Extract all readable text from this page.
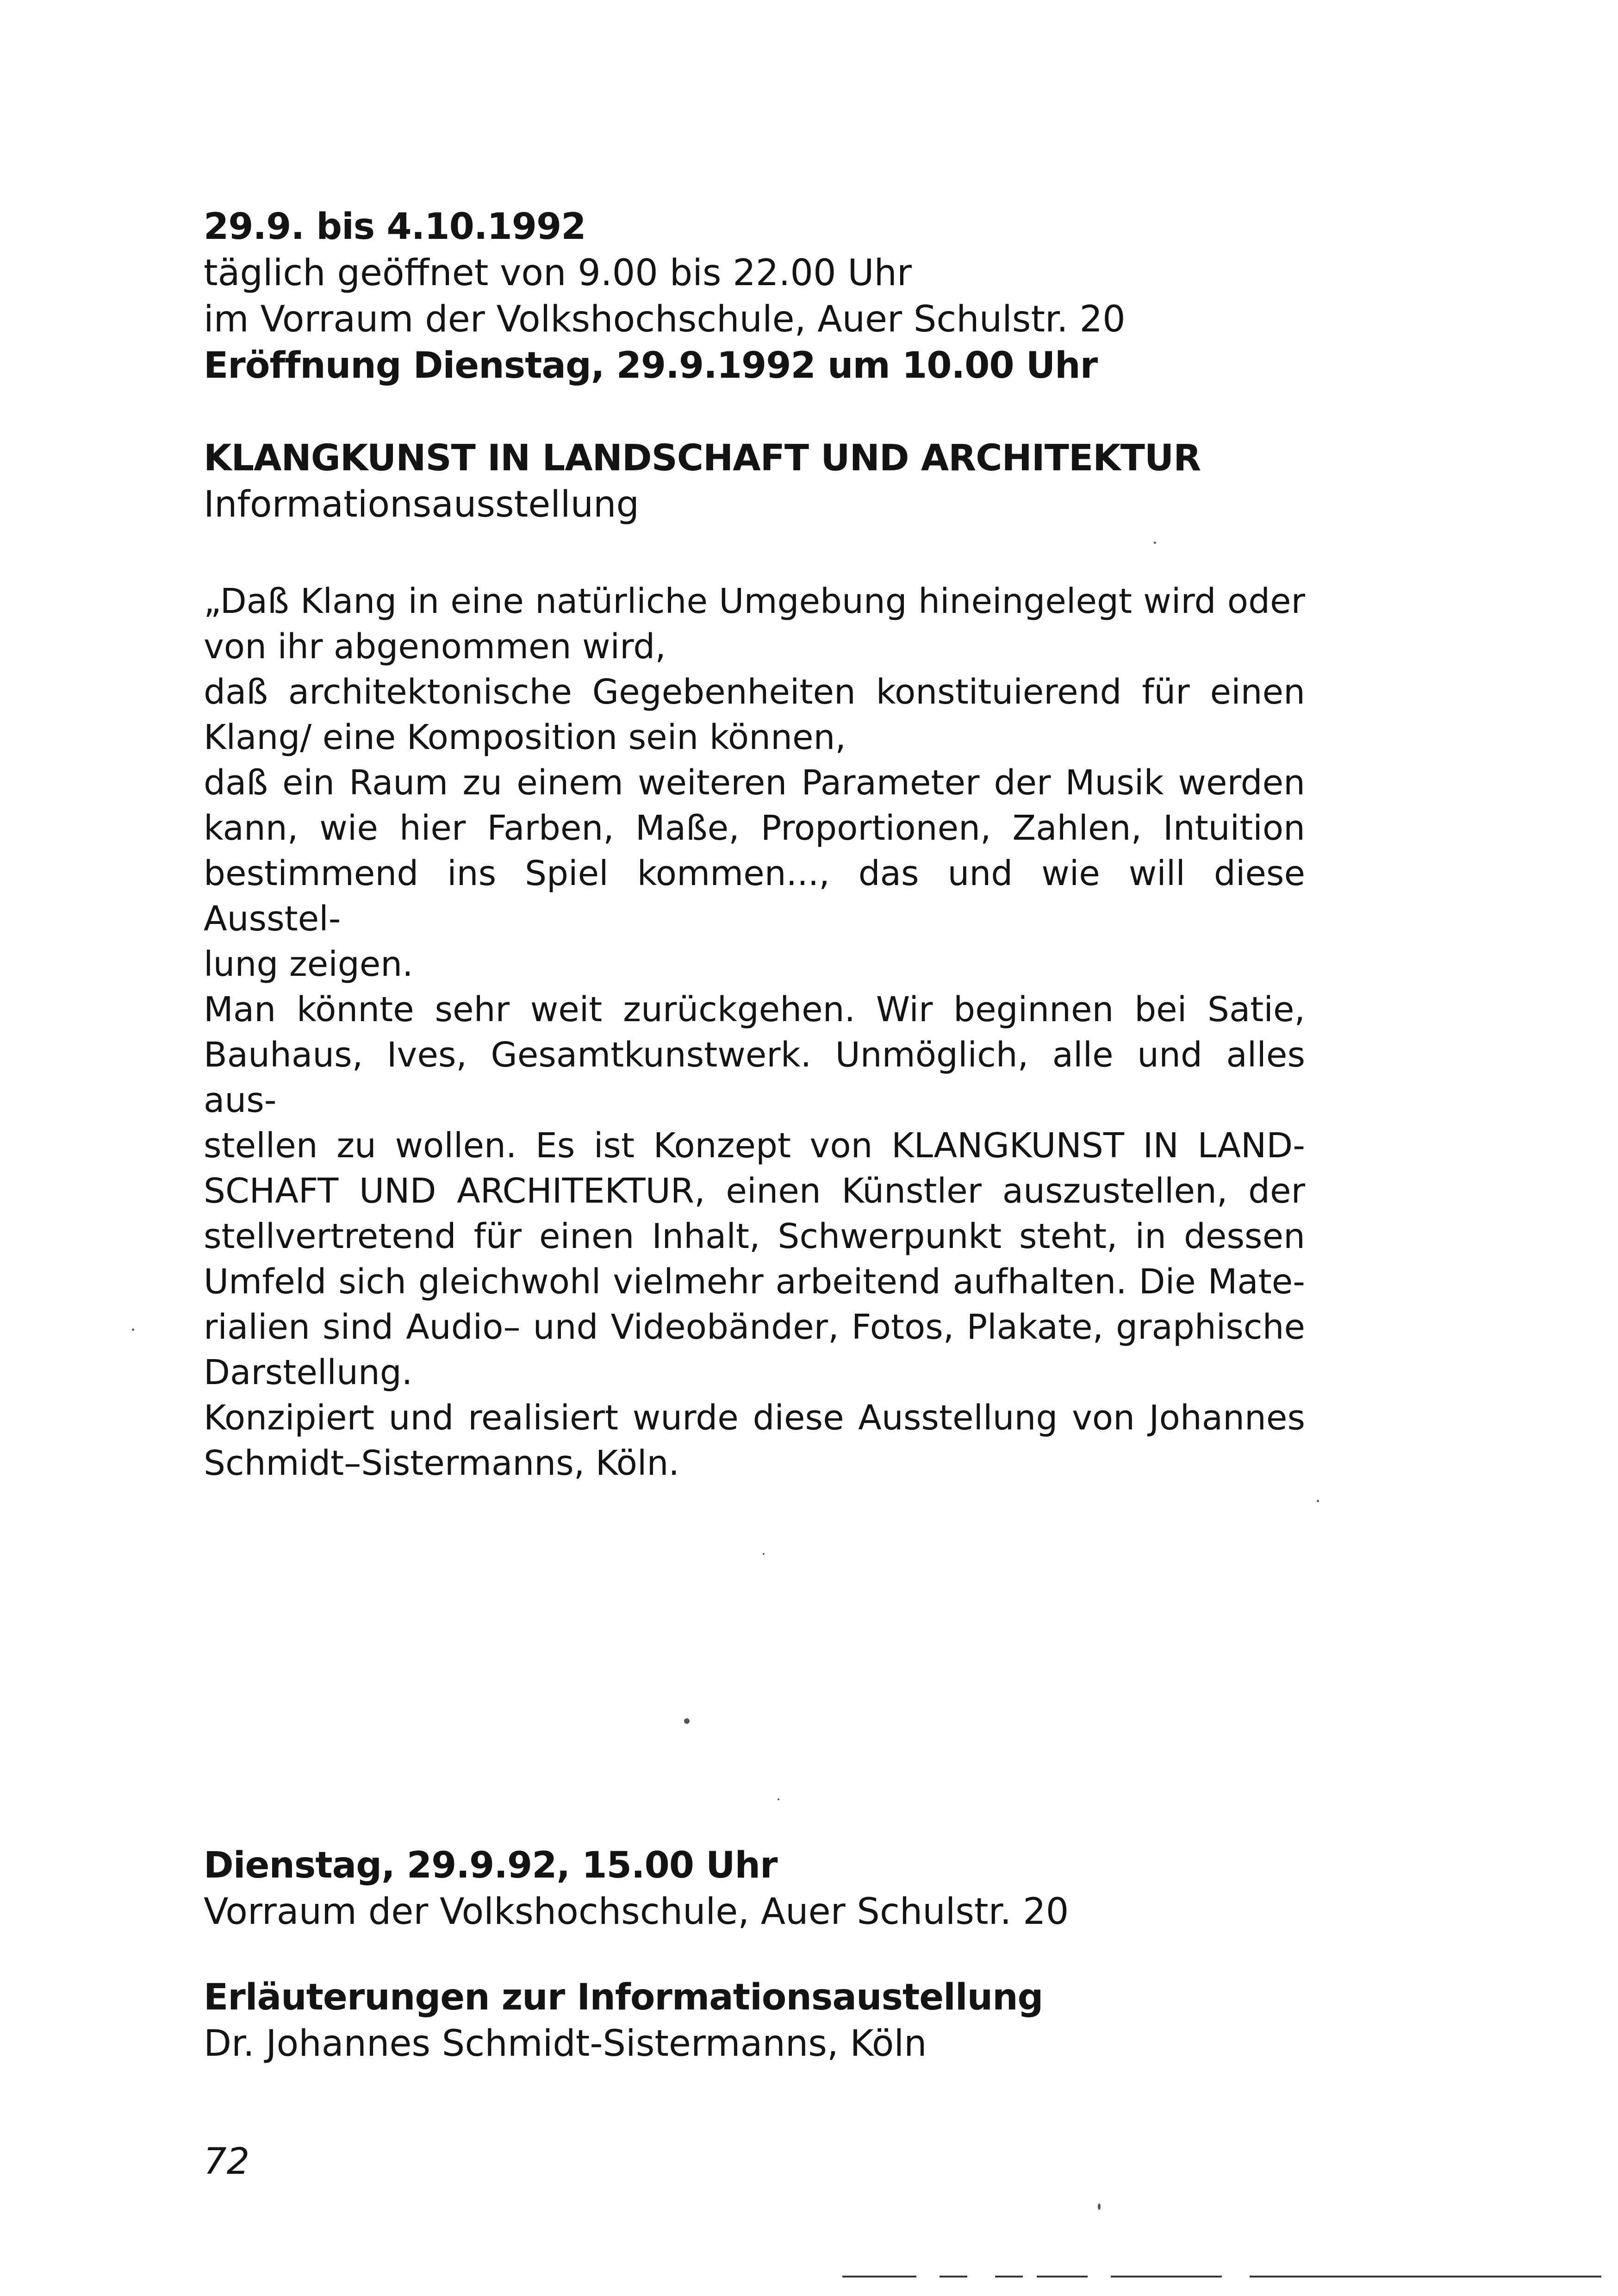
29.9. bis 4.10.1992

täglich geöffnet von 9.00 bis 22.00 Uhr

im Vorraum der Volkshochschule, Auer Schulstr. 20

Eröffnung Dienstag, 29.9.1992 um 10.00 Uhr

KLANGKUNST IN LANDSCHAFT UND ARCHITEKTUR

Informationsausstellung

„Daß Klang in eine natürliche Umgebung hineingelegt wird oder

von ihr abgenommen wird,

daß architektonische Gegebenheiten konstituierend für einen

Klang/ eine Komposition sein können,

daß ein Raum zu einem weiteren Parameter der Musik werden

kann, wie hier Farben, Maße, Proportionen, Zahlen, Intuition

bestimmend ins Spiel kommen..., das und wie will diese Ausstel-

lung zeigen.

Man könnte sehr weit zurückgehen. Wir beginnen bei Satie,

Bauhaus, Ives, Gesamtkunstwerk. Unmöglich, alle und alles aus-

stellen zu wollen. Es ist Konzept von KLANGKUNST IN LAND-

SCHAFT UND ARCHITEKTUR, einen Künstler auszustellen, der

stellvertretend für einen Inhalt, Schwerpunkt steht, in dessen

Umfeld sich gleichwohl vielmehr arbeitend aufhalten. Die Mate-

rialien sind Audio– und Videobänder, Fotos, Plakate, graphische

Darstellung.

Konzipiert und realisiert wurde diese Ausstellung von Johannes

Schmidt–Sistermanns, Köln.

Dienstag, 29.9.92, 15.00 Uhr

Vorraum der Volkshochschule, Auer Schulstr. 20

Erläuterungen zur Informationsaustellung

Dr. Johannes Schmidt-Sistermanns, Köln

72
